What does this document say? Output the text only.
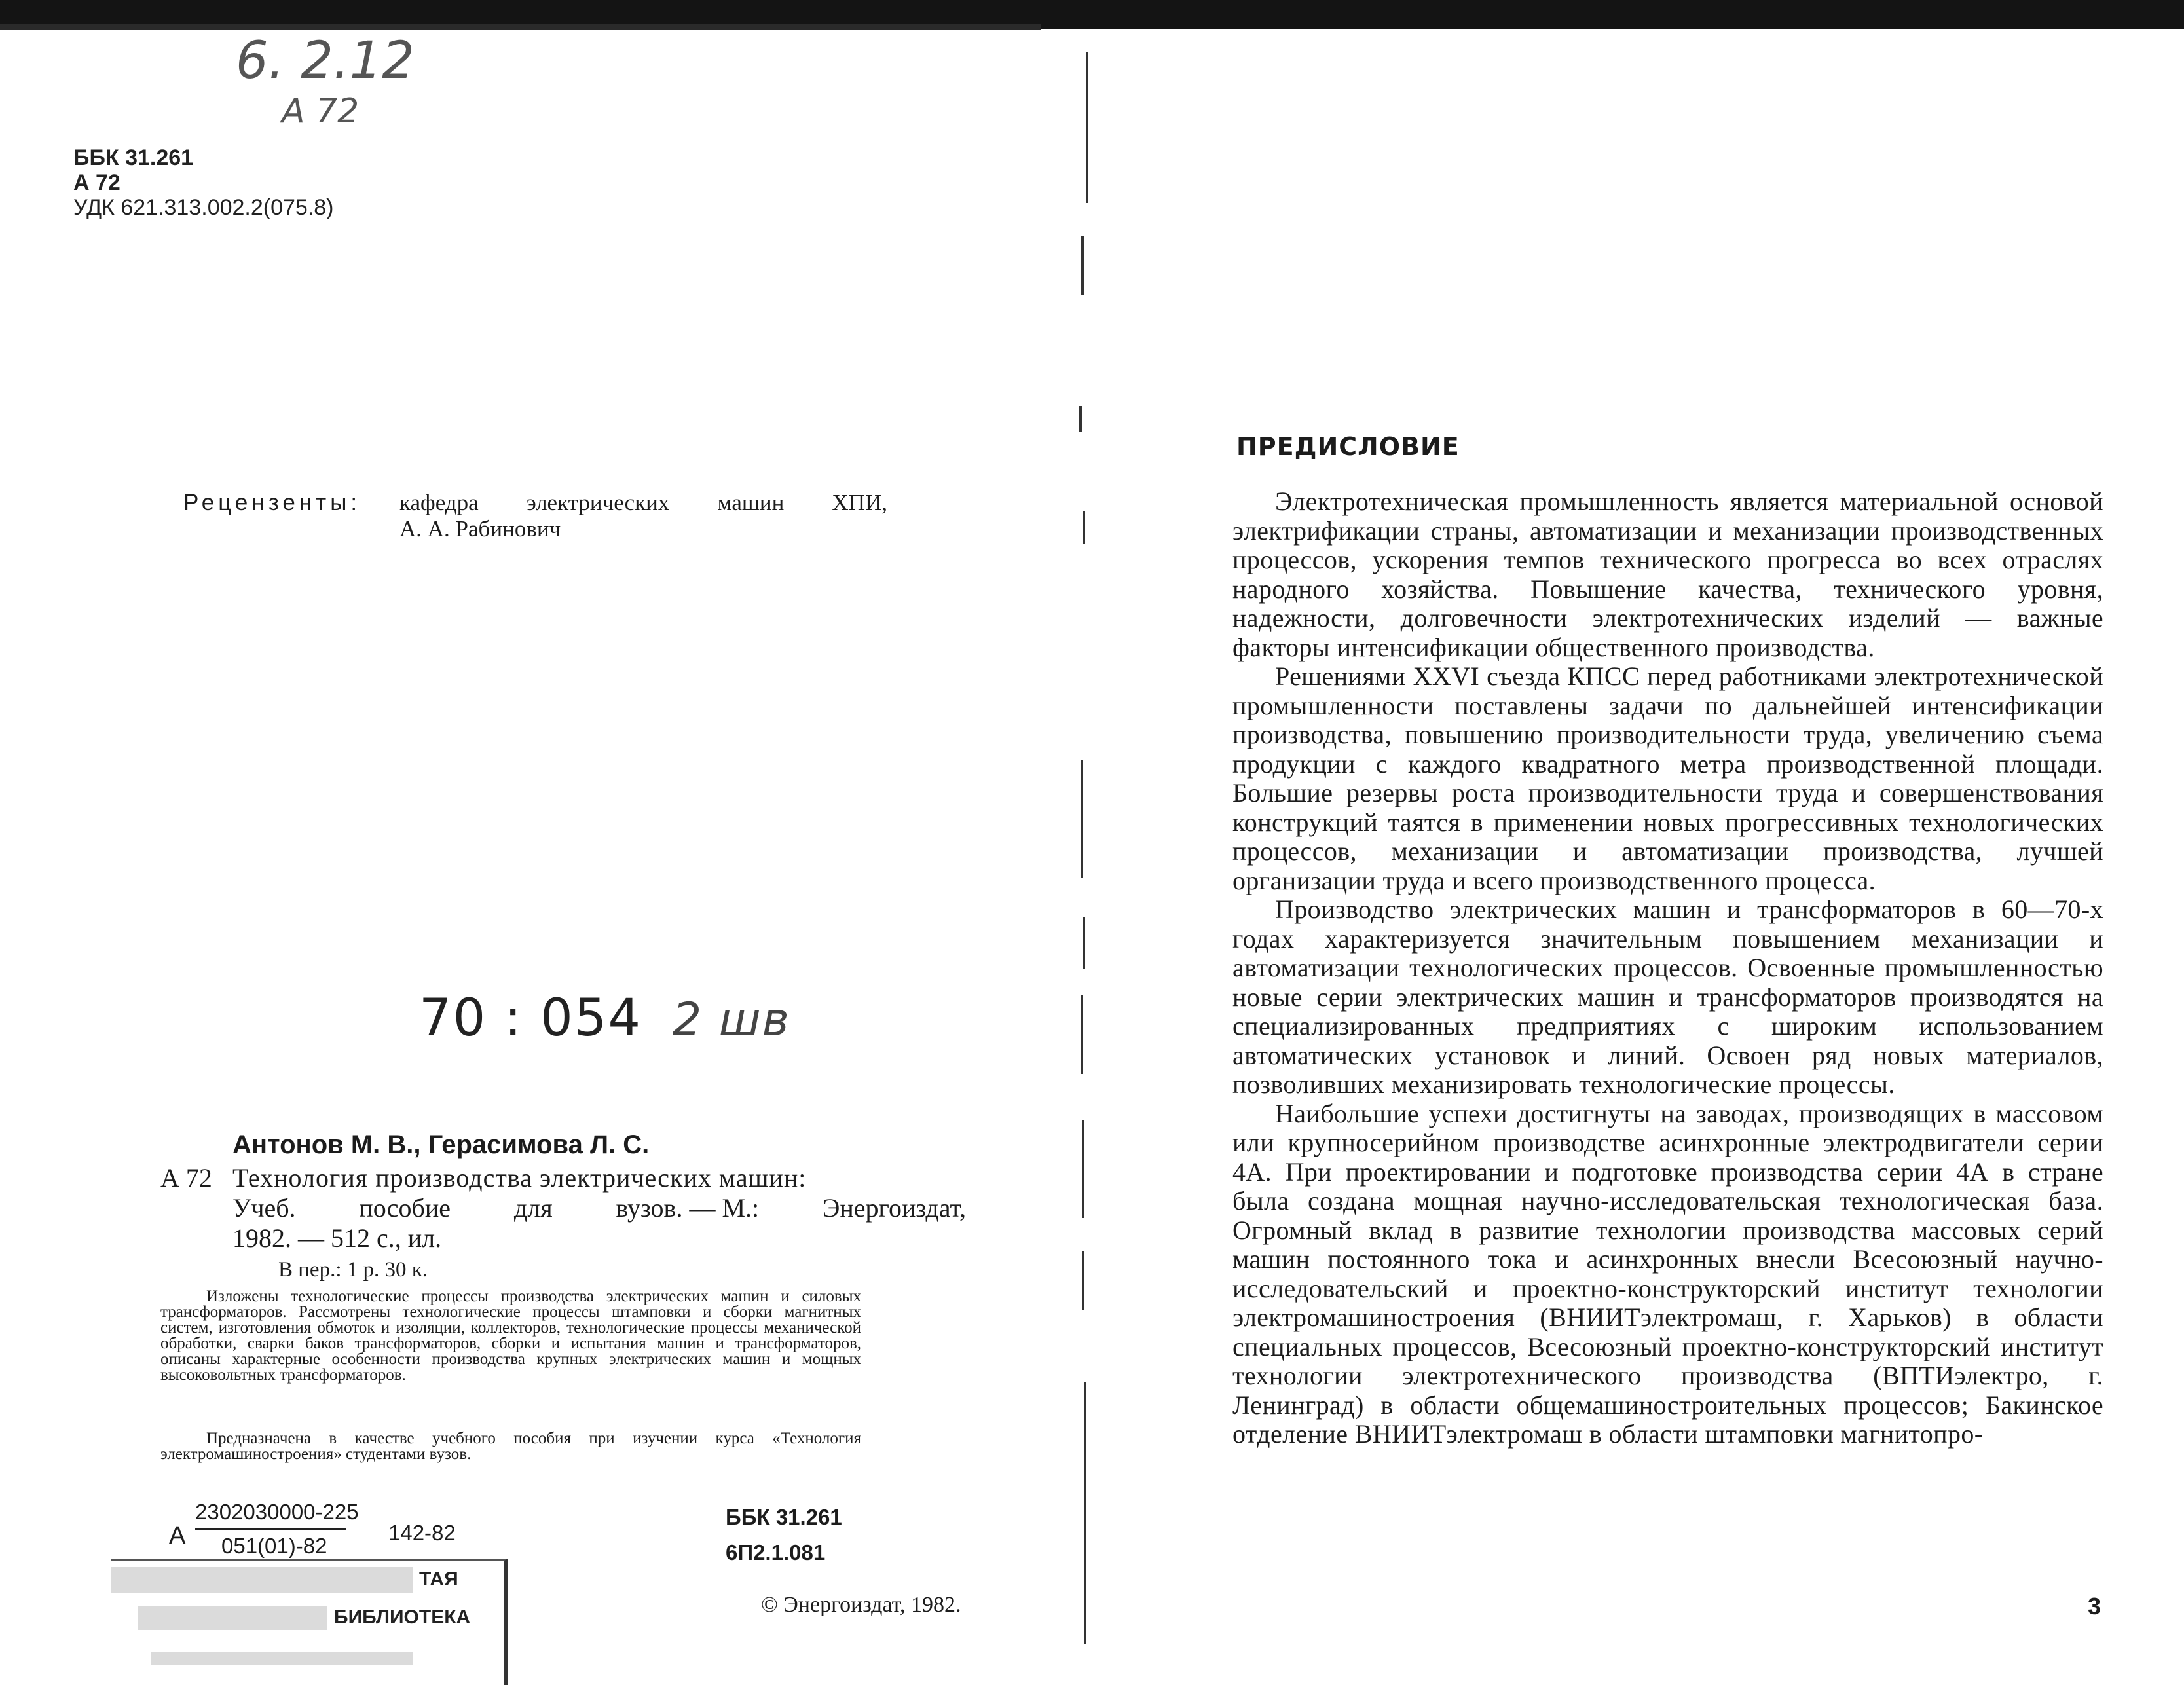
6. 2.12
А 72
ББК 31.261
А 72
УДК 621.313.002.2(075.8)
Рецензенты: кафедра электрических машин ХПИ,
А. А. Рабинович
70 : 054 2 шв
Антонов М. В., Герасимова Л. С.
А 72 Технология производства электрических машин:
Учеб. пособие для вузов. — М.: Энергоиздат,
1982. — 512 с., ил.
В пер.: 1 р. 30 к.
Изложены технологические процессы производства электрических машин и силовых трансформаторов. Рассмотрены технологические процессы штамповки и сборки магнитных систем, изготовления обмоток и изоляции, коллекторов, технологические процессы механической обработки, сварки баков трансформаторов, сборки и испытания машин и трансформаторов, описаны характерные особенности производства крупных электрических машин и мощных высоковольтных трансформаторов.
Предназначена в качестве учебного пособия при изучении курса «Технология электромашиностроения» студентами вузов.
А
2302030000-225
051(01)-82
142-82
ББК 31.261
6П2.1.081
© Энергоиздат, 1982.
ТАЯ
БИБЛИОТЕКА
ПРЕДИСЛОВИЕ

Электротехническая промышленность является материальной основой электрификации страны, автоматизации и механизации производственных процессов, ускорения темпов технического прогресса во всех отраслях народного хозяйства. Повышение качества, технического уровня, надежности, долговечности электротехнических изделий — важные факторы интенсификации общественного производства.

Решениями XXVI съезда КПСС перед работниками электротехнической промышленности поставлены задачи по дальнейшей интенсификации производства, повышению производительности труда, увеличению съема продукции с каждого квадратного метра производственной площади. Большие резервы роста производительности труда и совершенствования конструкций таятся в применении новых прогрессивных технологических процессов, механизации и автоматизации производства, лучшей организации труда и всего производственного процесса.

Производство электрических машин и трансформаторов в 60—70-х годах характеризуется значительным повышением механизации и автоматизации технологических процессов. Освоенные промышленностью новые серии электрических машин и трансформаторов производятся на специализированных предприятиях с широким использованием автоматических установок и линий. Освоен ряд новых материалов, позволивших механизировать технологические процессы.

Наибольшие успехи достигнуты на заводах, производящих в массовом или крупносерийном производстве асинхронные электродвигатели серии 4А. При проектировании и подготовке производства серии 4А в стране была создана мощная научно-исследовательская технологическая база. Огромный вклад в развитие технологии производства массовых серий машин постоянного тока и асинхронных внесли Всесоюзный научно-исследовательский и проектно-конструкторский институт технологии электромашиностроения (ВНИИТэлектромаш, г. Харьков) в области специальных процессов, Всесоюзный проектно-конструкторский институт технологии электротехнического производства (ВПТИэлектро, г. Ленинград) в области общемашиностроительных процессов; Бакинское отделение ВНИИТэлектромаш в области штамповки магнитопро-

3
